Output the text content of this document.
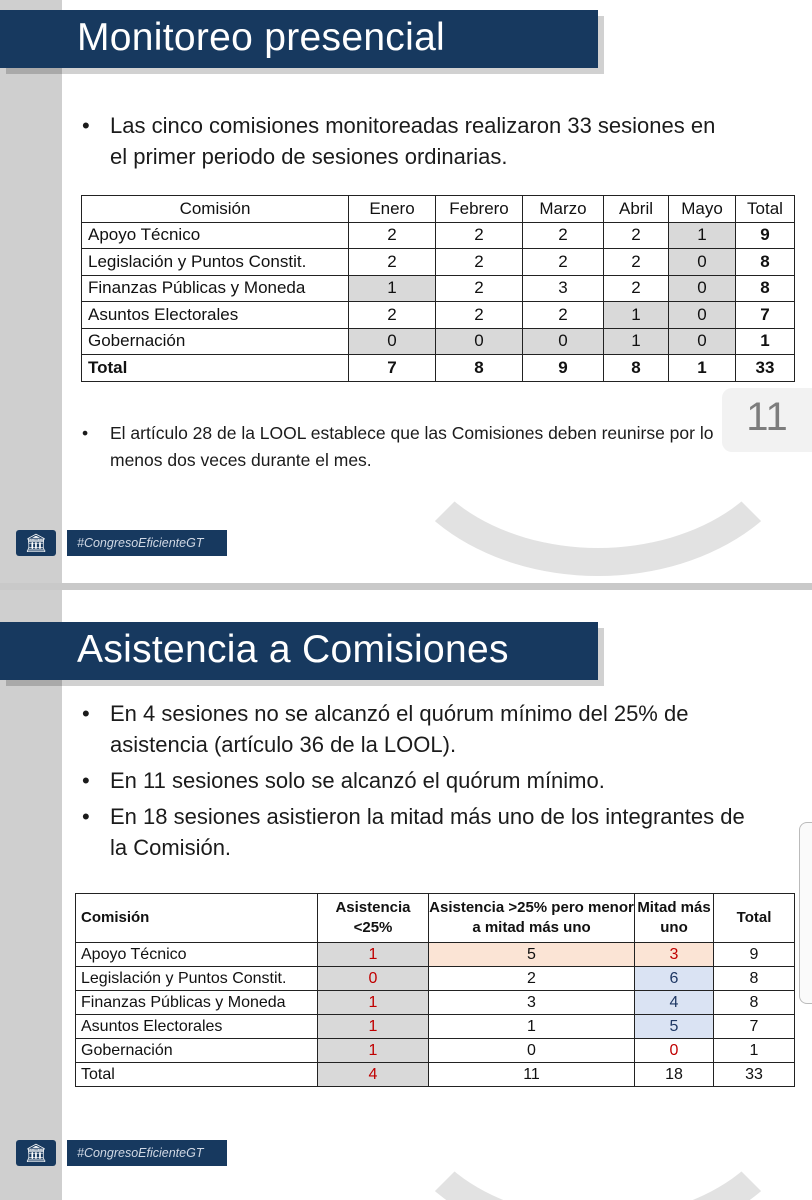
Monitoreo presencial
• Las cinco comisiones monitoreadas realizaron 33 sesiones en el primer periodo de sesiones ordinarias.
Comisión	Enero	Febrero	Marzo	Abril	Mayo	Total
Apoyo Técnico	2	2	2	2	1	9
Legislación y Puntos Constit.	2	2	2	2	0	8
Finanzas Públicas y Moneda	1	2	3	2	0	8
Asuntos Electorales	2	2	2	1	0	7
Gobernación	0	0	0	1	0	1
Total	7	8	9	8	1	33
• El artículo 28 de la LOOL establece que las Comisiones deben reunirse por lo menos dos veces durante el mes.
11
🏛	#CongresoEficienteGT
Asistencia a Comisiones
• En 4 sesiones no se alcanzó el quórum mínimo del 25% de asistencia (artículo 36 de la LOOL).
• En 11 sesiones solo se alcanzó el quórum mínimo.
• En 18 sesiones asistieron la mitad más uno de los integrantes de la Comisión.
Comisión	Asistencia <25%	Asistencia >25% pero menor a mitad más uno	Mitad más uno	Total
Apoyo Técnico	1	5	3	9
Legislación y Puntos Constit.	0	2	6	8
Finanzas Públicas y Moneda	1	3	4	8
Asuntos Electorales	1	1	5	7
Gobernación	1	0	0	1
Total	4	11	18	33
🏛	#CongresoEficienteGT
